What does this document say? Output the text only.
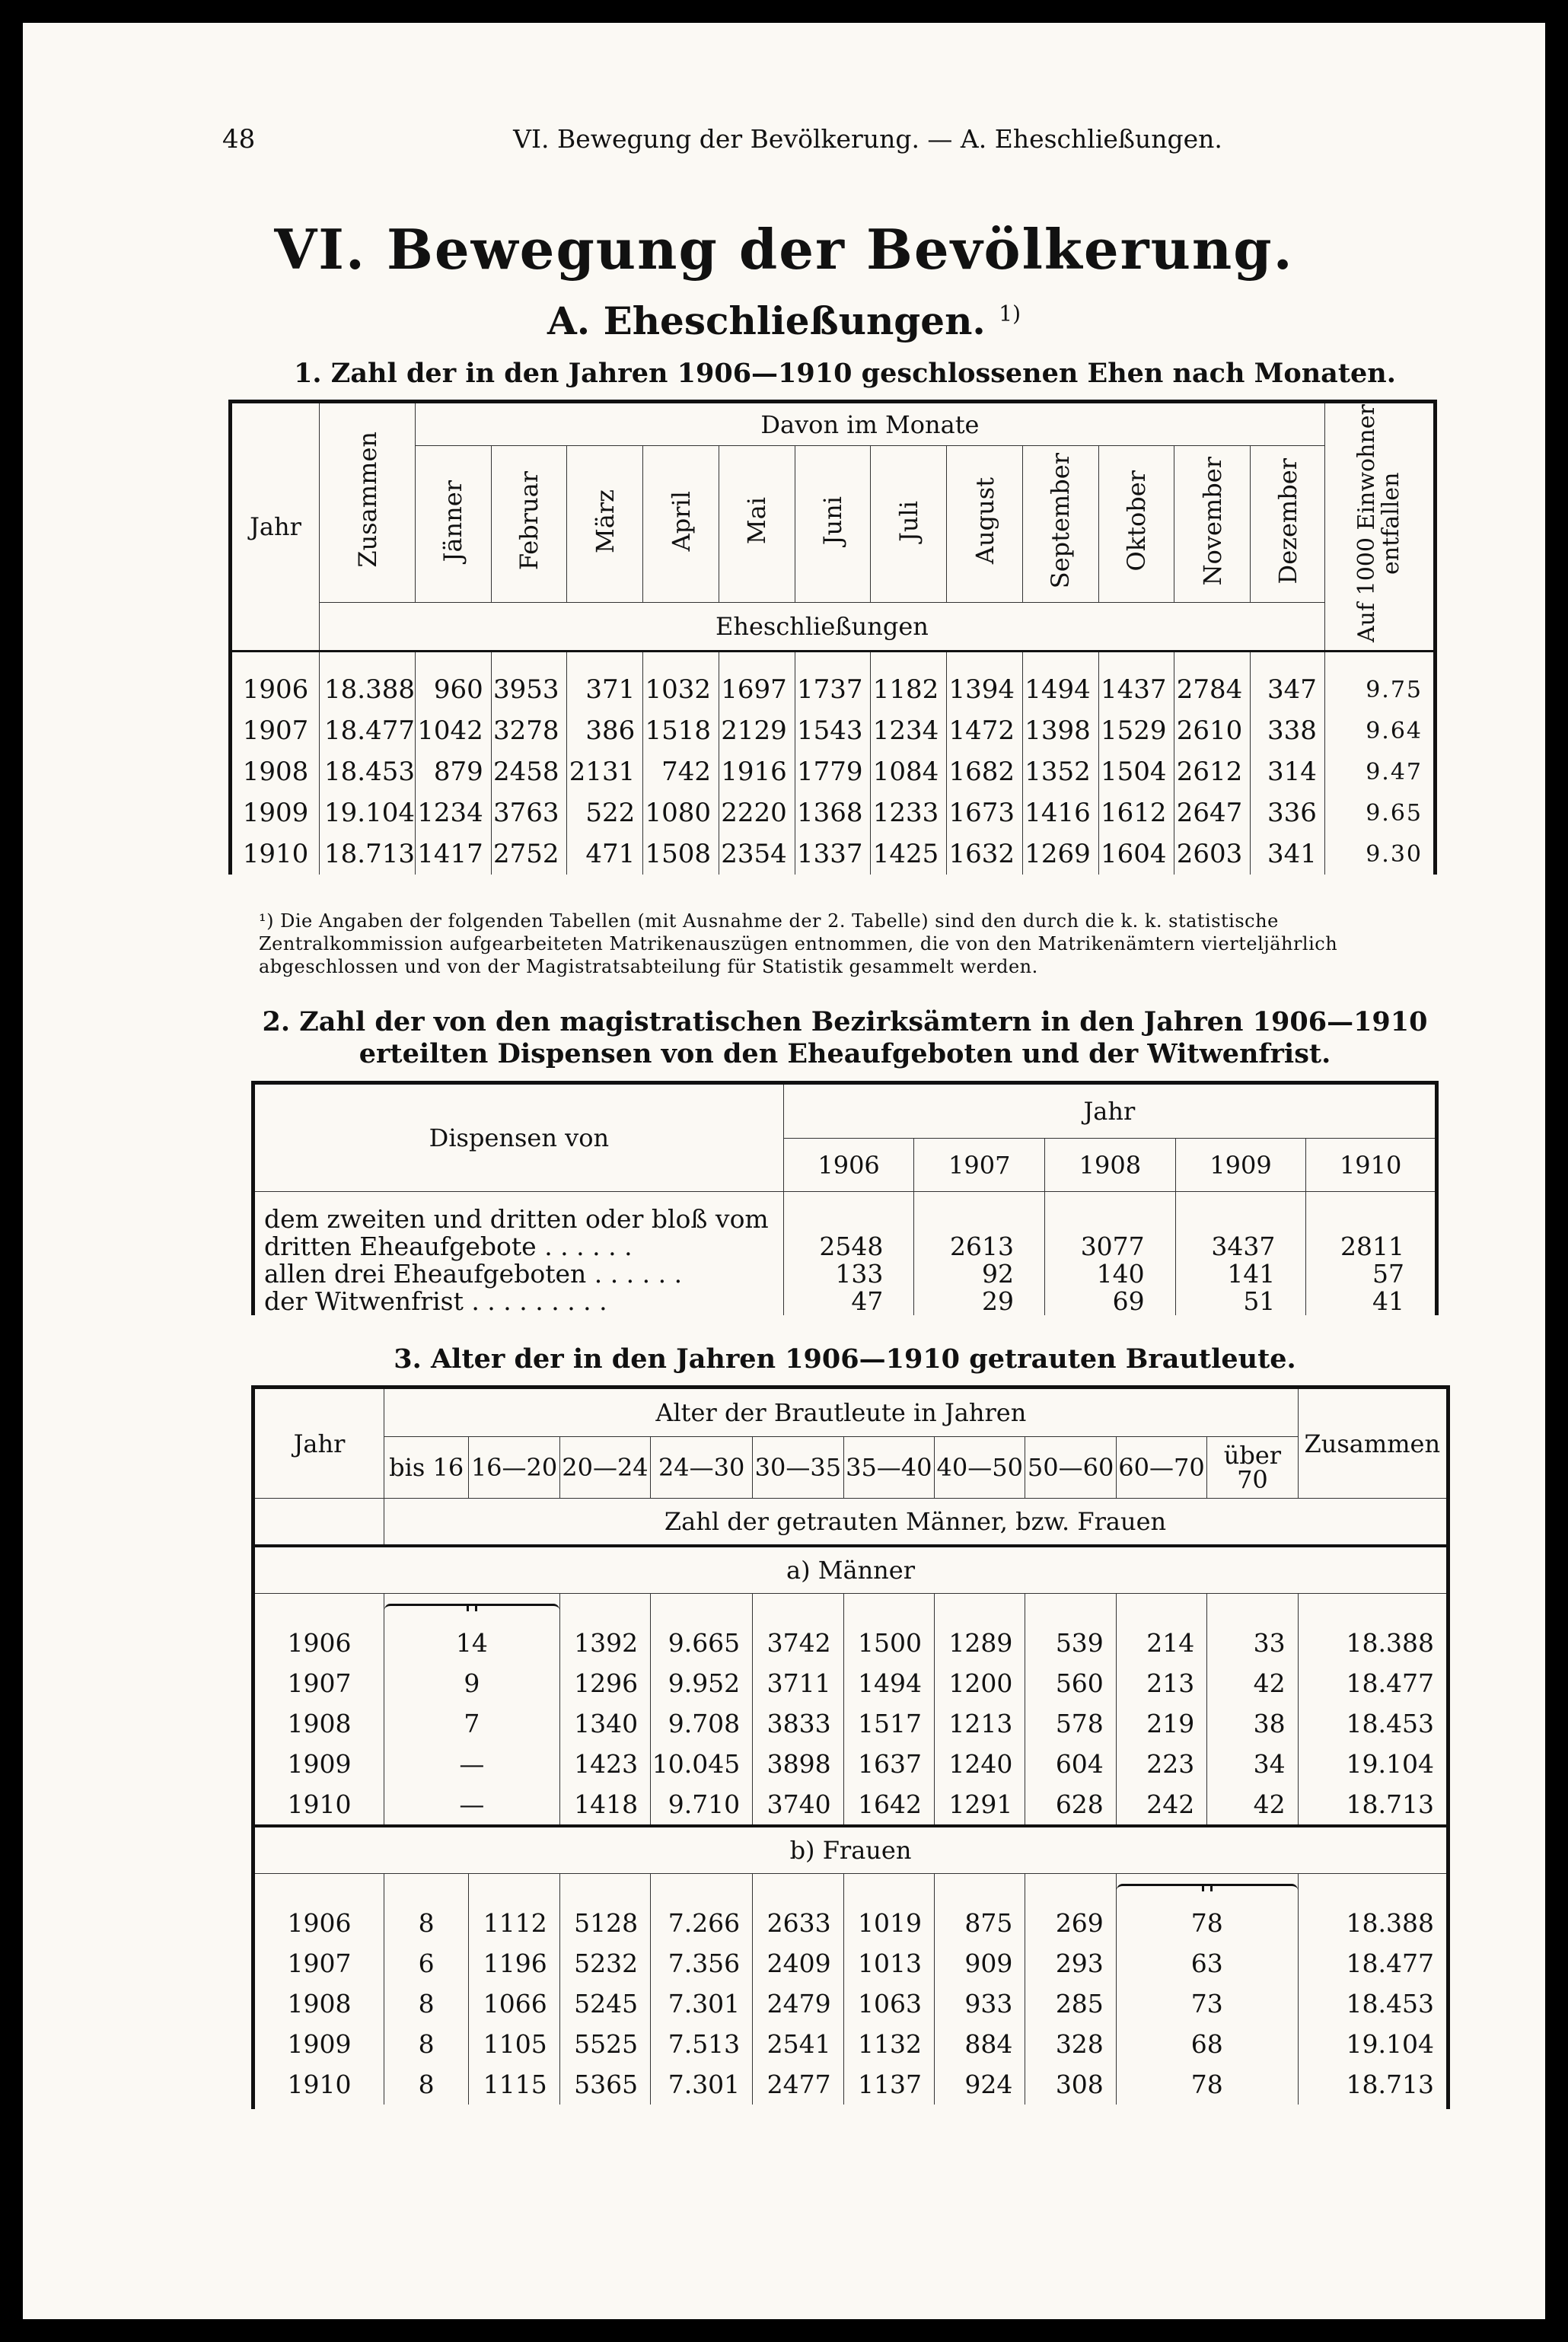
48	VI. Bewegung der Bevölkerung. — A. Eheschließungen.
VI. Bewegung der Bevölkerung.
A. Eheschließungen. $^{1)}$
1. Zahl der in den Jahren 1906—1910 geschlossenen Ehen nach Monaten.
Jahr	Zusammen	Davon im Monate												Auf 1000 Einwohner entfallen
		Jänner	Februar	März	April	Mai	Juni	Juli	August	September	Oktober	November	Dezember	
	Eheschließungen													

1906	18.388	960	3953	371	1032	1697	1737	1182	1394	1494	1437	2784	347	9.75
1907	18.477	1042	3278	386	1518	2129	1543	1234	1472	1398	1529	2610	338	9.64
1908	18.453	879	2458	2131	742	1916	1779	1084	1682	1352	1504	2612	314	9.47
1909	19.104	1234	3763	522	1080	2220	1368	1233	1673	1416	1612	2647	336	9.65
1910	18.713	1417	2752	471	1508	2354	1337	1425	1632	1269	1604	2603	341	9.30
¹) Die Angaben der folgenden Tabellen (mit Ausnahme der 2. Tabelle) sind den durch die k. k. statistische Zentralkommission aufgearbeiteten Matrikenauszügen entnommen, die von den Matrikenämtern vierteljährlich abgeschlossen und von der Magistratsabteilung für Statistik gesammelt werden.
2. Zahl der von den magistratischen Bezirksämtern in den Jahren 1906—1910 erteilten Dispensen von den Eheaufgeboten und der Witwenfrist.
Dispensen von	Jahr				
	1906	1907	1908	1909	1910

dem zweiten und dritten oder bloß vom
dritten Eheaufgebote . . . . . .	2548	2613	3077	3437	2811
allen drei Eheaufgeboten . . . . . .	133	92	140	141	57
der Witwenfrist . . . . . . . . .	47	29	69	51	41
3. Alter der in den Jahren 1906—1910 getrauten Brautleute.
Jahr	Alter der Brautleute in Jahren										Zusammen
	bis 16	16—20	20—24	24—30	30—35	35—40	40—50	50—60	60—70	über 70	
	Zahl der getrauten Männer, bzw. Frauen										
a) Männer											

1906	14		1392	9.665	3742	1500	1289	539	214	33	18.388
1907	9		1296	9.952	3711	1494	1200	560	213	42	18.477
1908	7		1340	9.708	3833	1517	1213	578	219	38	18.453
1909	—		1423	10.045	3898	1637	1240	604	223	34	19.104
1910	—		1418	9.710	3740	1642	1291	628	242	42	18.713
b) Frauen											

1906	8	1112	5128	7.266	2633	1019	875	269	78		18.388
1907	6	1196	5232	7.356	2409	1013	909	293	63		18.477
1908	8	1066	5245	7.301	2479	1063	933	285	73		18.453
1909	8	1105	5525	7.513	2541	1132	884	328	68		19.104
1910	8	1115	5365	7.301	2477	1137	924	308	78		18.713
